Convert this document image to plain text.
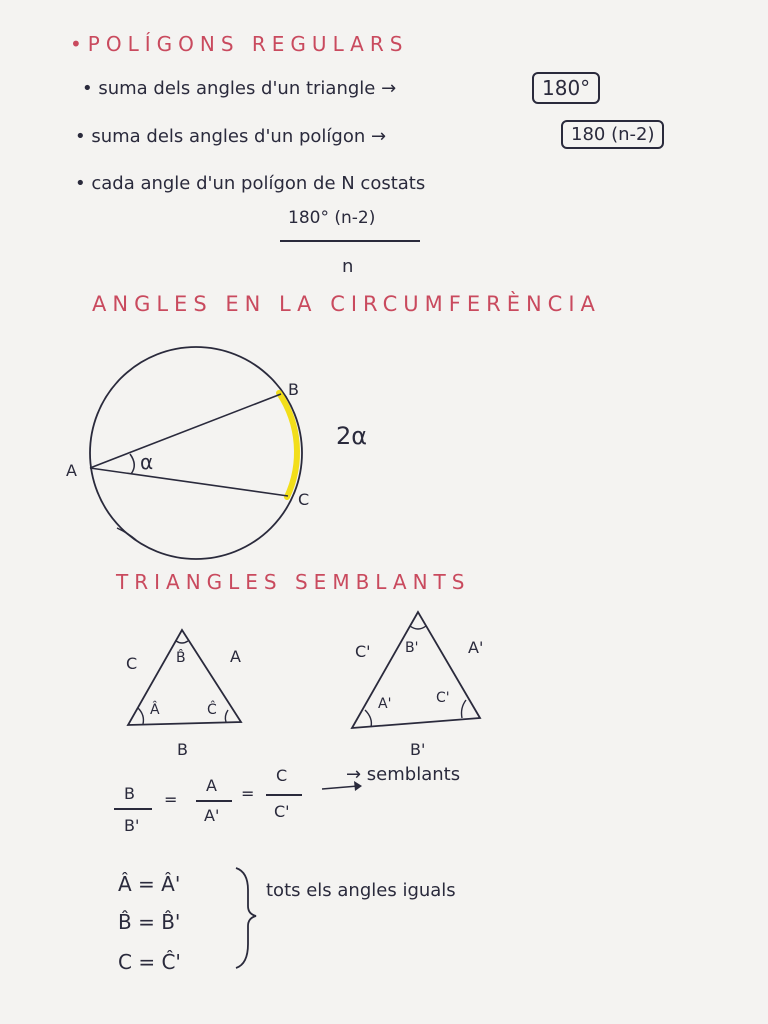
•POLÍGONS REGULARS
• suma dels angles d'un triangle →	180°
• suma dels angles d'un polígon →	180 (n-2)
• cada angle d'un polígon de N costats
180° (n-2)
n
ANGLES EN LA CIRCUMFERÈNCIA
A
B
C
α
2α
TRIANGLES SEMBLANTS
C	A
B
B̂
Â	Ĉ
C'	A'
B'
B'
A'	C'
B
B'
=
A
A'
=
C
C'
→ semblants
Â = Â'
B̂ = B̂'
C = Ĉ'
tots els angles iguals
